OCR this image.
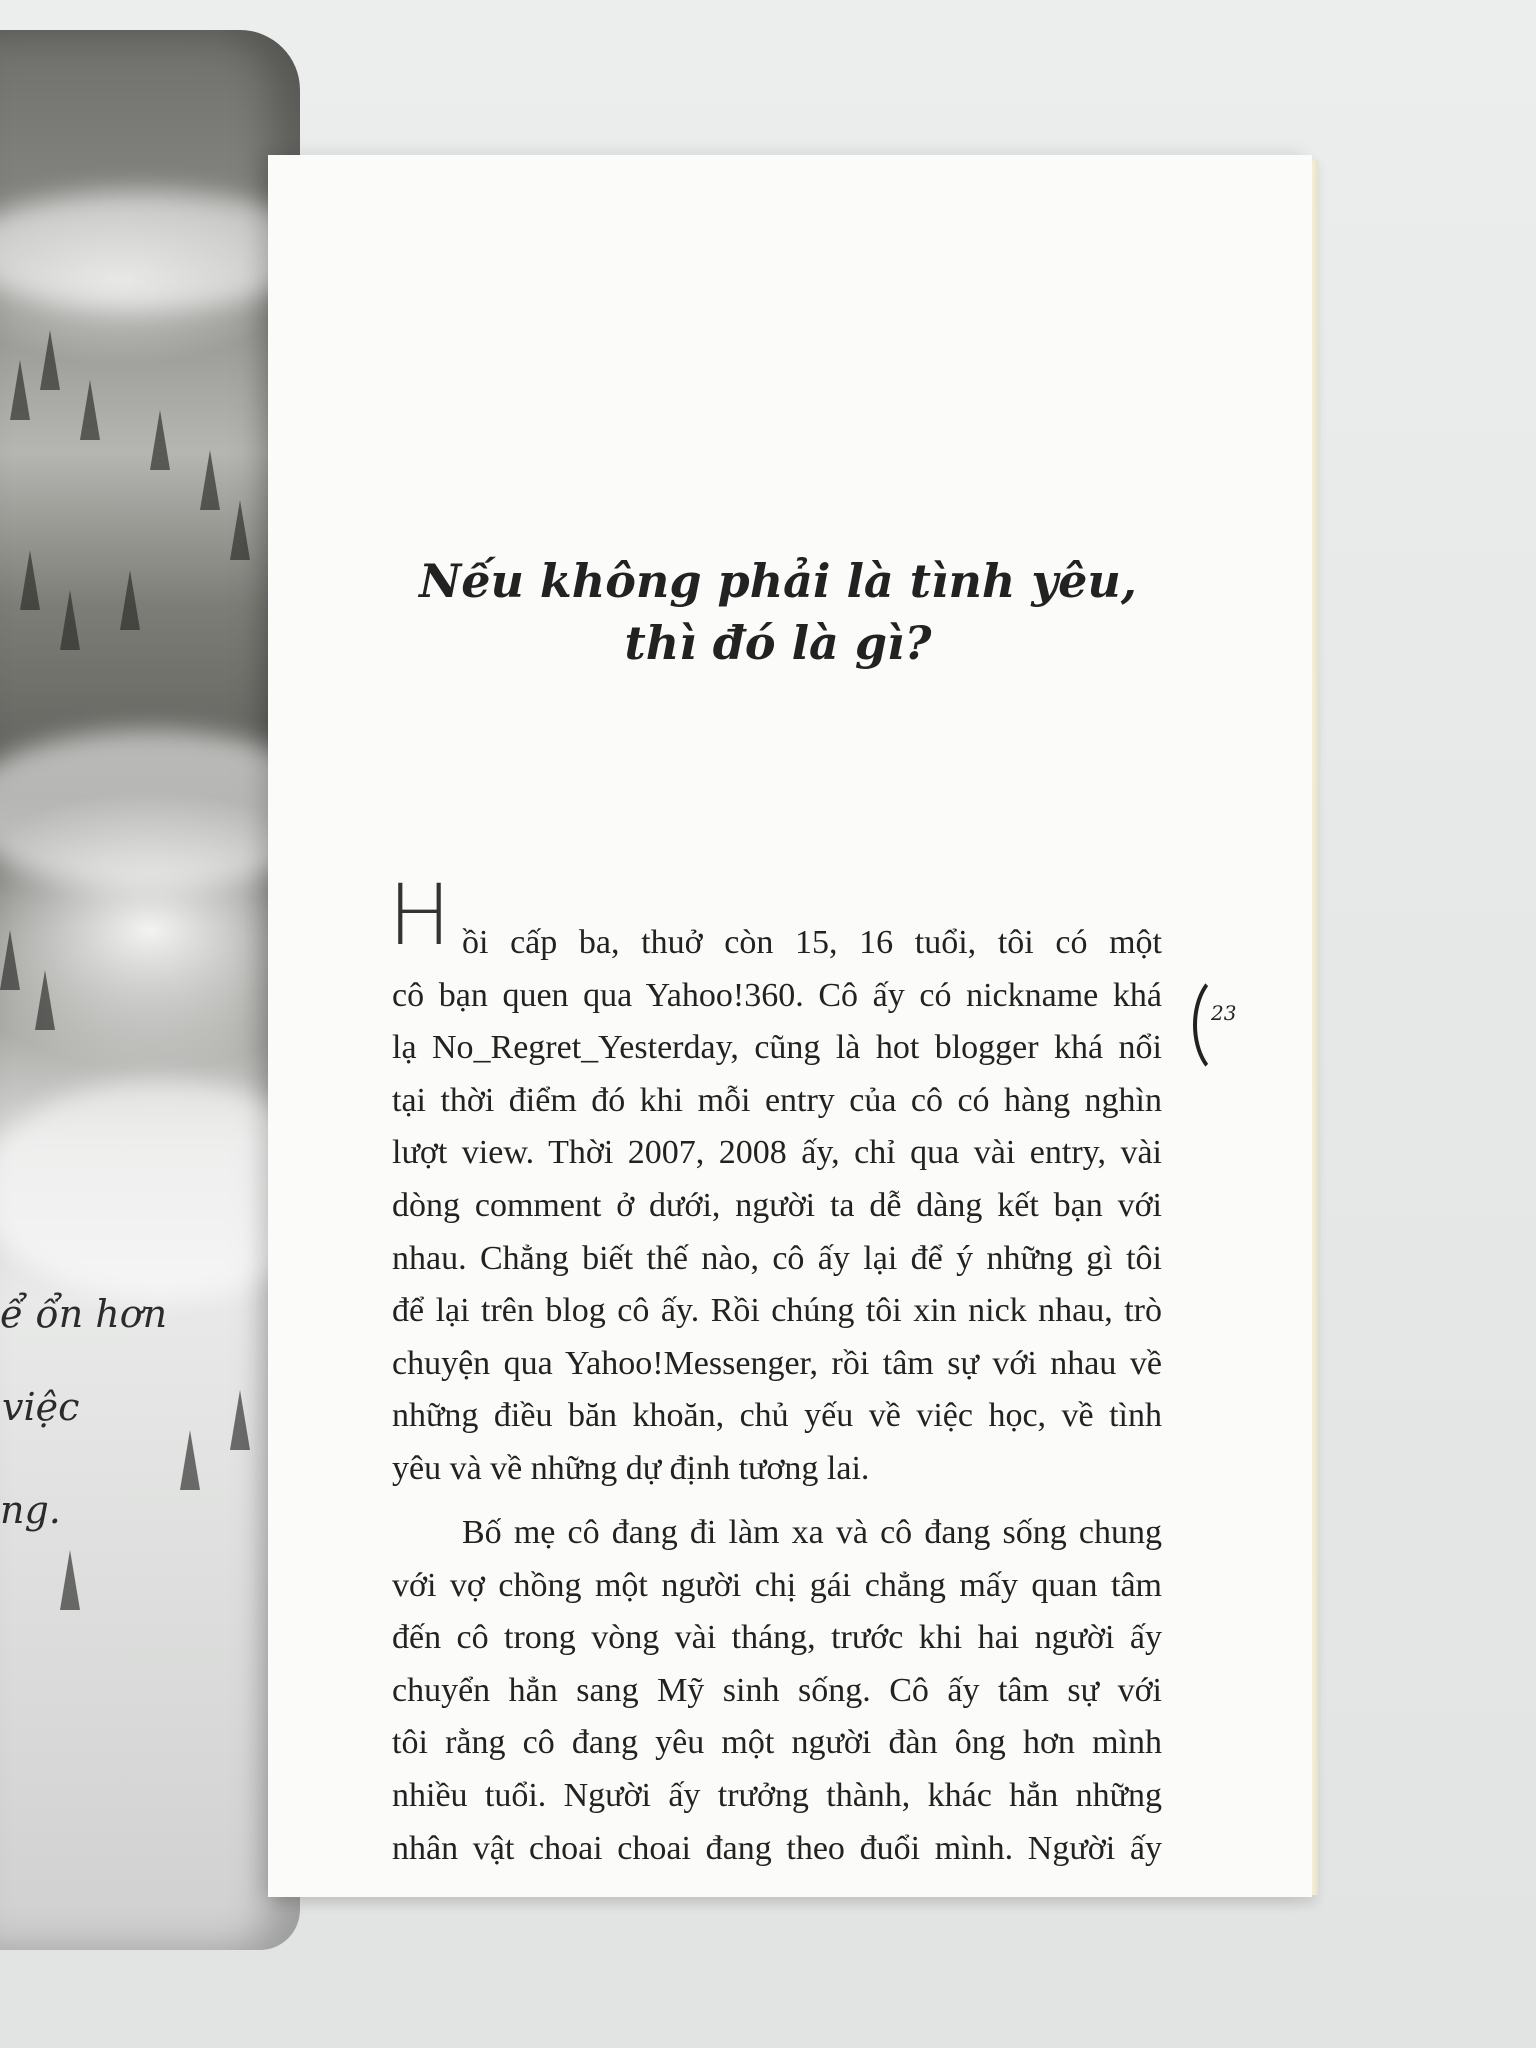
ể ổn hơn
việc
ng.
Nếu không phải là tình yêu,
thì đó là gì?
H ồi cấp ba, thuở còn 15, 16 tuổi, tôi có một
cô bạn quen qua Yahoo!360. Cô ấy có nickname khá
lạ No_Regret_Yesterday, cũng là hot blogger khá nổi
tại thời điểm đó khi mỗi entry của cô có hàng nghìn
lượt view. Thời 2007, 2008 ấy, chỉ qua vài entry, vài
dòng comment ở dưới, người ta dễ dàng kết bạn với
nhau. Chẳng biết thế nào, cô ấy lại để ý những gì tôi
để lại trên blog cô ấy. Rồi chúng tôi xin nick nhau, trò
chuyện qua Yahoo!Messenger, rồi tâm sự với nhau về
những điều băn khoăn, chủ yếu về việc học, về tình
yêu và về những dự định tương lai.
Bố mẹ cô đang đi làm xa và cô đang sống chung
với vợ chồng một người chị gái chẳng mấy quan tâm
đến cô trong vòng vài tháng, trước khi hai người ấy
chuyển hẳn sang Mỹ sinh sống. Cô ấy tâm sự với
tôi rằng cô đang yêu một người đàn ông hơn mình
nhiều tuổi. Người ấy trưởng thành, khác hẳn những
nhân vật choai choai đang theo đuổi mình. Người ấy
23
